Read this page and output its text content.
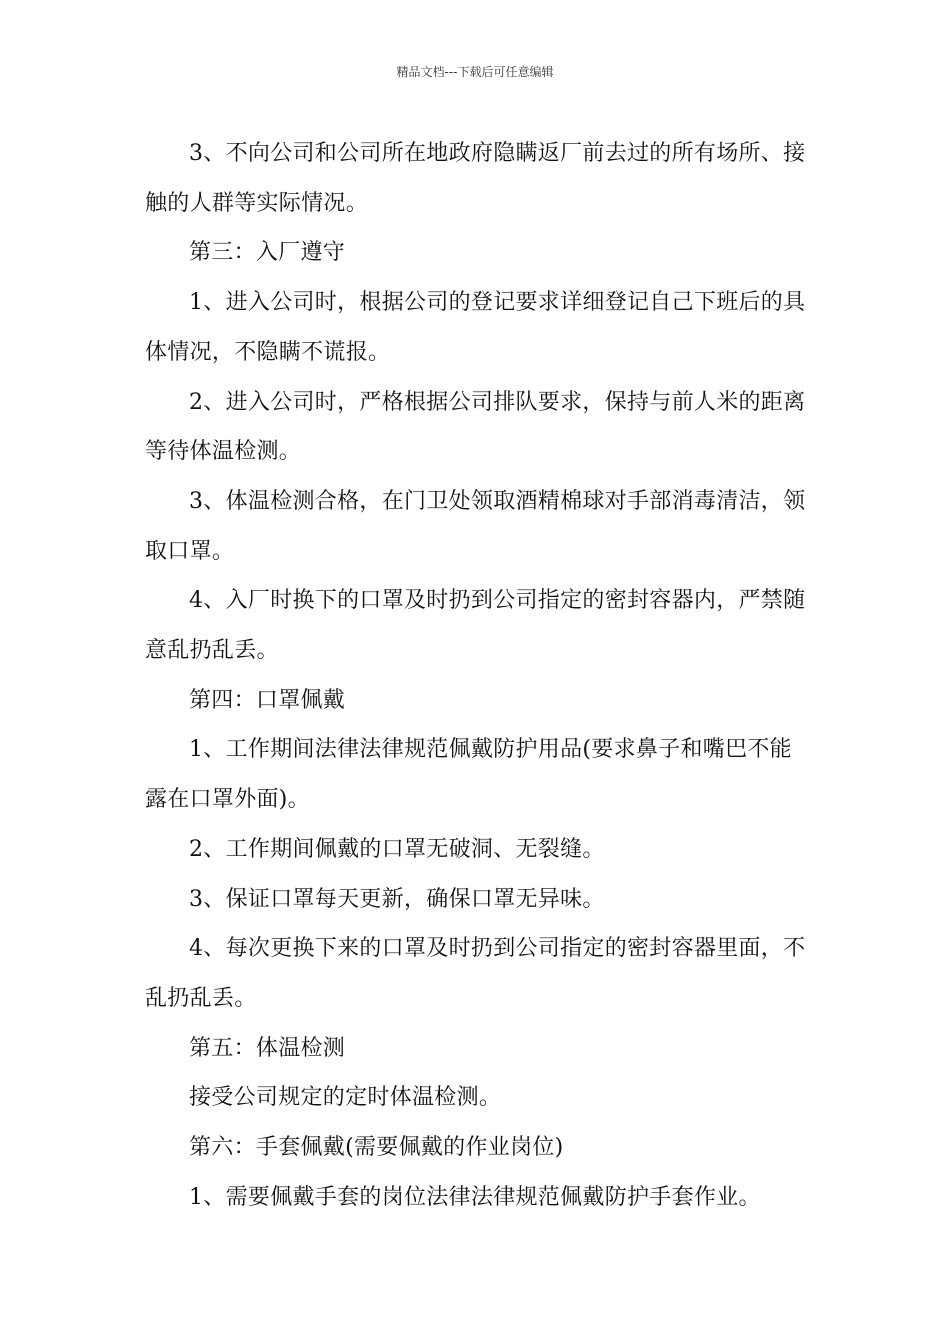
精品文档---下载后可任意编辑

3、不向公司和公司所在地政府隐瞒返厂前去过的所有场所、接触的人群等实际情况。

第三：入厂遵守

1、进入公司时，根据公司的登记要求详细登记自己下班后的具体情况，不隐瞒不谎报。

2、进入公司时，严格根据公司排队要求，保持与前人米的距离等待体温检测。

3、体温检测合格，在门卫处领取酒精棉球对手部消毒清洁，领取口罩。

4、入厂时换下的口罩及时扔到公司指定的密封容器内，严禁随意乱扔乱丢。

第四：口罩佩戴

1、工作期间法律法律规范佩戴防护用品(要求鼻子和嘴巴不能露在口罩外面)。

2、工作期间佩戴的口罩无破洞、无裂缝。

3、保证口罩每天更新，确保口罩无异味。

4、每次更换下来的口罩及时扔到公司指定的密封容器里面，不乱扔乱丢。

第五：体温检测

接受公司规定的定时体温检测。

第六：手套佩戴(需要佩戴的作业岗位)

1、需要佩戴手套的岗位法律法律规范佩戴防护手套作业。
